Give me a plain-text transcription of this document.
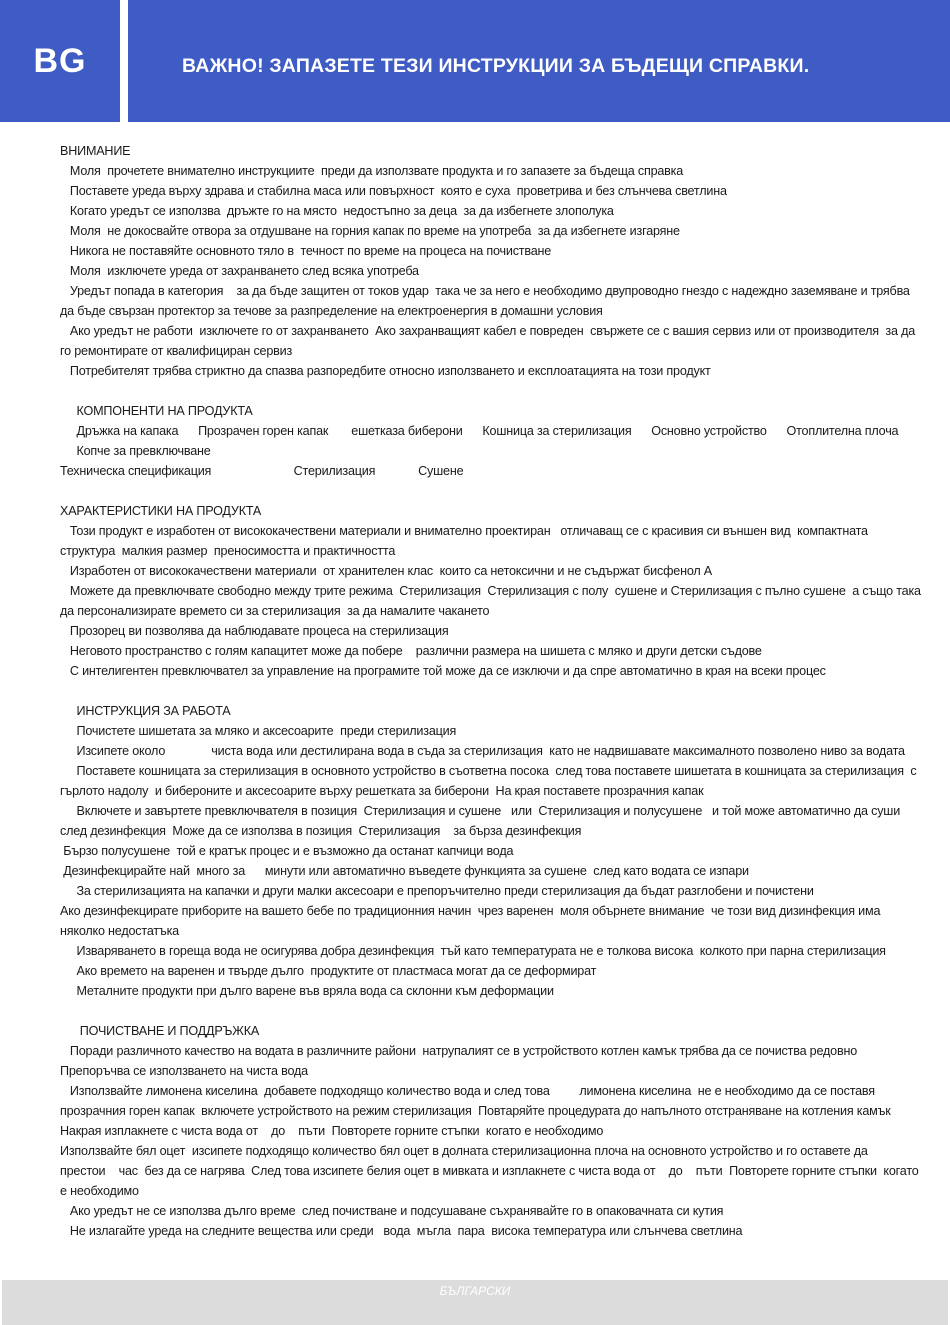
BG	ВАЖНО! ЗАПАЗЕТЕ ТЕЗИ ИНСТРУКЦИИ ЗА БЪДЕЩИ СПРАВКИ.
ВНИМАНИЕ
Моля  прочетете внимателно инструкциите  преди да използвате продукта и го запазете за бъдеща справка
Поставете уреда върху здрава и стабилна маса или повърхност  която е суха  проветрива и без слънчева светлина
Когато уредът се използва  дръжте го на място  недостъпно за деца  за да избегнете злополука
Моля  не докосвайте отвора за отдушване на горния капак по време на употреба  за да избегнете изгаряне
Никога не поставяйте основното тяло в  течност по време на процеса на почистване
Моля  изключете уреда от захранването след всяка употреба
Уредът попада в категория    за да бъде защитен от токов удар  така че за него е необходимо двупроводно гнездо с надеждно заземяване и трябва
да бъде свързан протектор за течове за разпределение на електроенергия в домашни условия
Ако уредът не работи  изключете го от захранването  Ако захранващият кабел е повреден  свържете се с вашия сервиз или от производителя  за да
го ремонтирате от квалифициран сервиз
Потребителят трябва стриктно да спазва разпоредбите относно използването и експлоатацията на този продукт
КОМПОНЕНТИ НА ПРОДУКТА
Дръжка на капака      Прозрачен горен капак       ешетказа биберони      Кошница за стерилизация      Основно устройство      Отоплителна плоча
Копче за превключване
Техническа спецификация                         Стерилизация             Сушене
ХАРАКТЕРИСТИКИ НА ПРОДУКТА
Този продукт е изработен от висококачествени материали и внимателно проектиран   отличаващ се с красивия си външен вид  компактната
структура  малкия размер  преносимостта и практичността
Изработен от висококачествени материали  от хранителен клас  които са нетоксични и не съдържат бисфенол А
Можете да превключвате свободно между трите режима  Стерилизация  Стерилизация с полу  сушене и Стерилизация с пълно сушене  а също така
да персонализирате времето си за стерилизация  за да намалите чакането
Прозорец ви позволява да наблюдавате процеса на стерилизация
Неговото пространство с голям капацитет може да побере    различни размера на шишета с мляко и други детски съдове
С интелигентен превключвател за управление на програмите той може да се изключи и да спре автоматично в края на всеки процес
ИНСТРУКЦИЯ ЗА РАБОТА
Почистете шишетата за мляко и аксесоарите  преди стерилизация
Изсипете около              чиста вода или дестилирана вода в съда за стерилизация  като не надвишавате максималното позволено ниво за водата
Поставете кошницата за стерилизация в основното устройство в съответна посока  след това поставете шишетата в кошницата за стерилизация  с
гърлото надолу  и бибероните и аксесоарите върху решетката за биберони  На края поставете прозрачния капак
Включете и завъртете превключвателя в позиция  Стерилизация и сушене   или  Стерилизация и полусушене   и той може автоматично да суши
след дезинфекция  Може да се използва в позиция  Стерилизация    за бърза дезинфекция
Бързо полусушене  той е кратък процес и е възможно да останат капчици вода
Дезинфекцирайте най  много за      минути или автоматично въведете функцията за сушене  след като водата се изпари
За стерилизацията на капачки и други малки аксесоари е препоръчително преди стерилизация да бъдат разглобени и почистени
Ако дезинфекцирате приборите на вашето бебе по традиционния начин  чрез варенен  моля обърнете внимание  че този вид дизинфекция има
няколко недостатъка
Изваряването в гореща вода не осигурява добра дезинфекция  тъй като температурата не е толкова висока  колкото при парна стерилизация
Ако времето на варенен и твърде дълго  продуктите от пластмаса могат да се деформират
Металните продукти при дълго варене във вряла вода са склонни към деформации
ПОЧИСТВАНЕ И ПОДДРЪЖКА
Поради различното качество на водата в различните райони  натрупалият се в устройството котлен камък трябва да се почиства редовно
Препоръчва се използването на чиста вода
Използвайте лимонена киселина  добавете подходящо количество вода и след това         лимонена киселина  не е необходимо да се поставя
прозрачния горен капак  включете устройството на режим стерилизация  Повтаряйте процедурата до напълното отстраняване на котления камък
Накрая изплакнете с чиста вода от    до    пъти  Повторете горните стъпки  когато е необходимо
Използвайте бял оцет  изсипете подходящо количество бял оцет в долната стерилизационна плоча на основното устройство и го оставете да
престои    час  без да се нагрява  След това изсипете белия оцет в мивката и изплакнете с чиста вода от    до    пъти  Повторете горните стъпки  когато
е необходимо
Ако уредът не се използва дълго време  след почистване и подсушаване съхранявайте го в опаковачната си кутия
Не излагайте уреда на следните вещества или среди   вода  мъгла  пара  висока температура или слънчева светлина
БЪЛГАРСКИ
